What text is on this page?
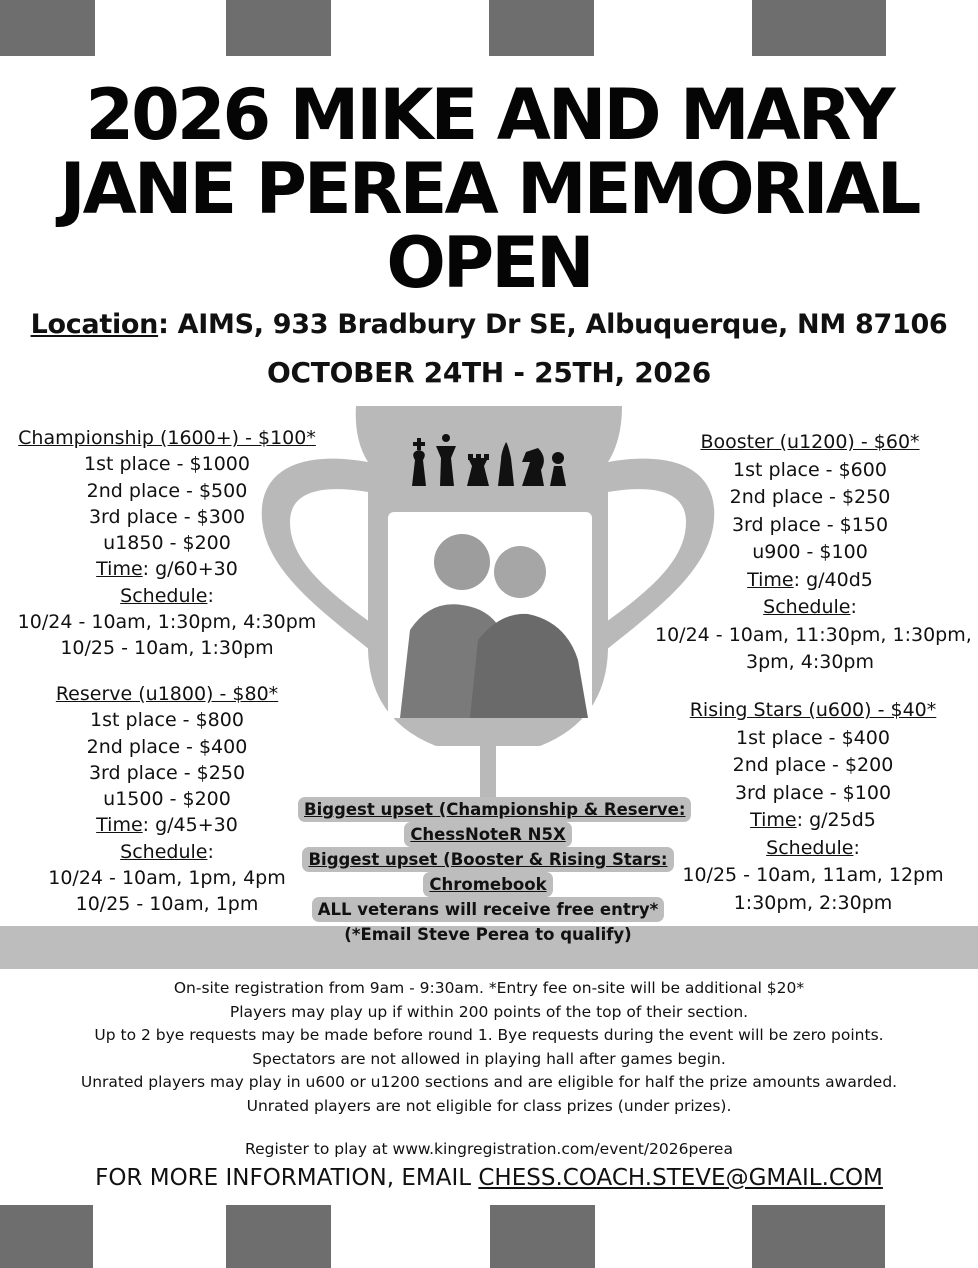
2026 MIKE AND MARY
JANE PEREA MEMORIAL
OPEN
Location: AIMS, 933 Bradbury Dr SE, Albuquerque, NM 87106
OCTOBER 24TH - 25TH, 2026
Championship (1600+) - $100*
1st place - $1000
2nd place - $500
3rd place - $300
u1850 - $200
Time: g/60+30
Schedule:
10/24 - 10am, 1:30pm, 4:30pm
10/25 - 10am, 1:30pm
Reserve (u1800) - $80*
1st place - $800
2nd place - $400
3rd place - $250
u1500 - $200
Time: g/45+30
Schedule:
10/24 - 10am, 1pm, 4pm
10/25 - 10am, 1pm
Booster (u1200) - $60*
1st place - $600
2nd place - $250
3rd place - $150
u900 - $100
Time: g/40d5
Schedule:
10/24 - 10am, 11:30pm, 1:30pm,
3pm, 4:30pm
Rising Stars (u600) - $40*
1st place - $400
2nd place - $200
3rd place - $100
Time: g/25d5
Schedule:
10/25 - 10am, 11am, 12pm
1:30pm, 2:30pm
Biggest upset (Championship & Reserve:
ChessNoteR N5X
Biggest upset (Booster & Rising Stars:
Chromebook
ALL veterans will receive free entry*
(*Email Steve Perea to qualify)
On-site registration from 9am - 9:30am. *Entry fee on-site will be additional $20*
Players may play up if within 200 points of the top of their section.
Up to 2 bye requests may be made before round 1. Bye requests during the event will be zero points.
Spectators are not allowed in playing hall after games begin.
Unrated players may play in u600 or u1200 sections and are eligible for half the prize amounts awarded.
Unrated players are not eligible for class prizes (under prizes).
Register to play at www.kingregistration.com/event/2026perea
FOR MORE INFORMATION, EMAIL CHESS.COACH.STEVE@GMAIL.COM
